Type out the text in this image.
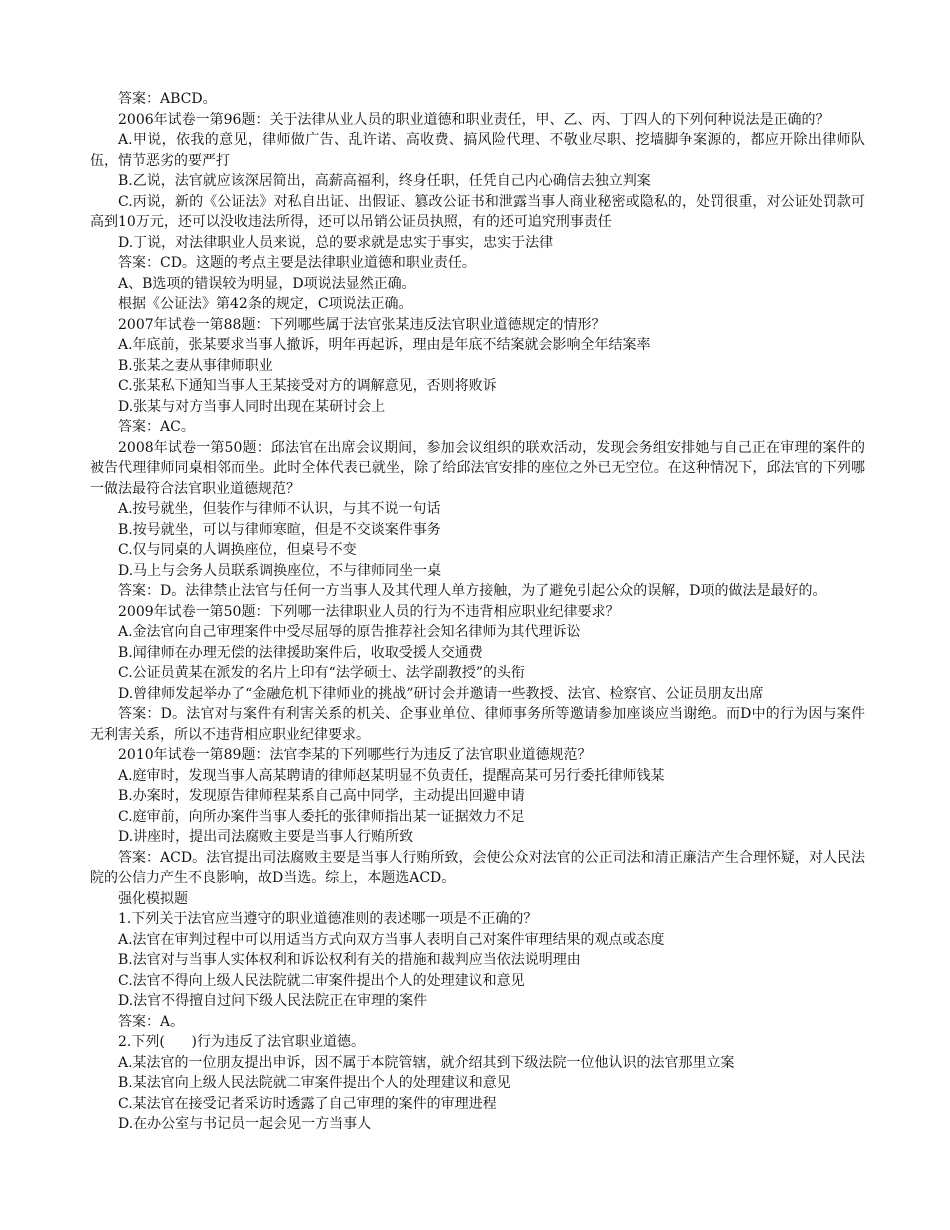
答案：ABCD。

2006年试卷一第96题：关于法律从业人员的职业道德和职业责任，甲、乙、丙、丁四人的下列何种说法是正确的？

A.甲说，依我的意见，律师做广告、乱许诺、高收费、搞风险代理、不敬业尽职、挖墙脚争案源的，都应开除出律师队伍，情节恶劣的要严打

B.乙说，法官就应该深居简出，高薪高福利，终身任职，任凭自己内心确信去独立判案

C.丙说，新的《公证法》对私自出证、出假证、篡改公证书和泄露当事人商业秘密或隐私的，处罚很重，对公证处罚款可高到10万元，还可以没收违法所得，还可以吊销公证员执照，有的还可追究刑事责任

D.丁说，对法律职业人员来说，总的要求就是忠实于事实，忠实于法律

答案：CD。这题的考点主要是法律职业道德和职业责任。

A、B选项的错误较为明显，D项说法显然正确。

根据《公证法》第42条的规定，C项说法正确。

2007年试卷一第88题：下列哪些属于法官张某违反法官职业道德规定的情形？

A.年底前，张某要求当事人撤诉，明年再起诉，理由是年底不结案就会影响全年结案率

B.张某之妻从事律师职业

C.张某私下通知当事人王某接受对方的调解意见，否则将败诉

D.张某与对方当事人同时出现在某研讨会上

答案：AC。

2008年试卷一第50题：邱法官在出席会议期间，参加会议组织的联欢活动，发现会务组安排她与自己正在审理的案件的被告代理律师同桌相邻而坐。此时全体代表已就坐，除了给邱法官安排的座位之外已无空位。在这种情况下，邱法官的下列哪一做法最符合法官职业道德规范？

A.按号就坐，但装作与律师不认识，与其不说一句话

B.按号就坐，可以与律师寒暄，但是不交谈案件事务

C.仅与同桌的人调换座位，但桌号不变

D.马上与会务人员联系调换座位，不与律师同坐一桌

答案：D。法律禁止法官与任何一方当事人及其代理人单方接触，为了避免引起公众的误解，D项的做法是最好的。

2009年试卷一第50题：下列哪一法律职业人员的行为不违背相应职业纪律要求？

A.金法官向自己审理案件中受尽屈辱的原告推荐社会知名律师为其代理诉讼

B.闻律师在办理无偿的法律援助案件后，收取受援人交通费

C.公证员黄某在派发的名片上印有“法学硕士、法学副教授”的头衔

D.曾律师发起举办了“金融危机下律师业的挑战”研讨会并邀请一些教授、法官、检察官、公证员朋友出席

答案：D。法官对与案件有利害关系的机关、企事业单位、律师事务所等邀请参加座谈应当谢绝。而D中的行为因与案件无利害关系，所以不违背相应职业纪律要求。

2010年试卷一第89题：法官李某的下列哪些行为违反了法官职业道德规范？

A.庭审时，发现当事人高某聘请的律师赵某明显不负责任，提醒高某可另行委托律师钱某

B.办案时，发现原告律师程某系自己高中同学，主动提出回避申请

C.庭审前，向所办案件当事人委托的张律师指出某一证据效力不足

D.讲座时，提出司法腐败主要是当事人行贿所致

答案：ACD。法官提出司法腐败主要是当事人行贿所致，会使公众对法官的公正司法和清正廉洁产生合理怀疑，对人民法院的公信力产生不良影响，故D当选。综上，本题选ACD。

强化模拟题

1.下列关于法官应当遵守的职业道德准则的表述哪一项是不正确的？

A.法官在审判过程中可以用适当方式向双方当事人表明自己对案件审理结果的观点或态度

B.法官对与当事人实体权利和诉讼权利有关的措施和裁判应当依法说明理由

C.法官不得向上级人民法院就二审案件提出个人的处理建议和意见

D.法官不得擅自过问下级人民法院正在审理的案件

答案：A。

2.下列(      )行为违反了法官职业道德。

A.某法官的一位朋友提出申诉，因不属于本院管辖，就介绍其到下级法院一位他认识的法官那里立案

B.某法官向上级人民法院就二审案件提出个人的处理建议和意见

C.某法官在接受记者采访时透露了自己审理的案件的审理进程

D.在办公室与书记员一起会见一方当事人
